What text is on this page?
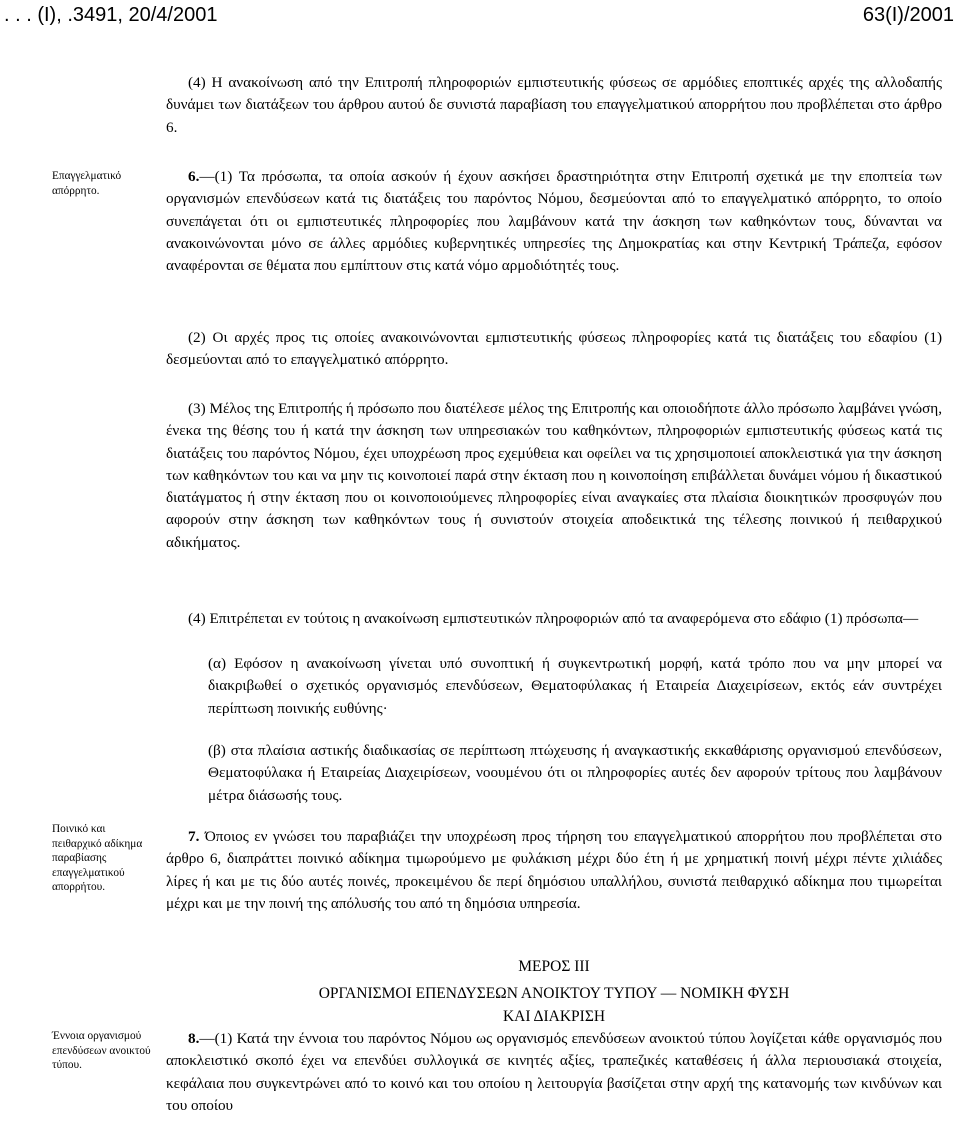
. . . (I), .3491, 20/4/2001	63(I)/2001

(4) Η ανακοίνωση από την Επιτροπή πληροφοριών εμπιστευτικής φύσεως σε αρμόδιες εποπτικές αρχές της αλλοδαπής δυνάμει των διατάξεων του άρθρου αυτού δε συνιστά παραβίαση του επαγγελματικού απορρήτου που προβλέπεται στο άρθρο 6.

Επαγγελματικό απόρρητο.

6.—(1) Τα πρόσωπα, τα οποία ασκούν ή έχουν ασκήσει δραστηριότητα στην Επιτροπή σχετικά με την εποπτεία των οργανισμών επενδύσεων κατά τις διατάξεις του παρόντος Νόμου, δεσμεύονται από το επαγγελματικό απόρρητο, το οποίο συνεπάγεται ότι οι εμπιστευτικές πληροφορίες που λαμβάνουν κατά την άσκηση των καθηκόντων τους, δύνανται να ανακοινώνονται μόνο σε άλλες αρμόδιες κυβερνητικές υπηρεσίες της Δημοκρατίας και στην Κεντρική Τράπεζα, εφόσον αναφέρονται σε θέματα που εμπίπτουν στις κατά νόμο αρμοδιότητές τους.

(2) Οι αρχές προς τις οποίες ανακοινώνονται εμπιστευτικής φύσεως πληροφορίες κατά τις διατάξεις του εδαφίου (1) δεσμεύονται από το επαγγελματικό απόρρητο.

(3) Μέλος της Επιτροπής ή πρόσωπο που διατέλεσε μέλος της Επιτροπής και οποιοδήποτε άλλο πρόσωπο λαμβάνει γνώση, ένεκα της θέσης του ή κατά την άσκηση των υπηρεσιακών του καθηκόντων, πληροφοριών εμπιστευτικής φύσεως κατά τις διατάξεις του παρόντος Νόμου, έχει υποχρέωση προς εχεμύθεια και οφείλει να τις χρησιμοποιεί αποκλειστικά για την άσκηση των καθηκόντων του και να μην τις κοινοποιεί παρά στην έκταση που η κοινοποίηση επιβάλλεται δυνάμει νόμου ή δικαστικού διατάγματος ή στην έκταση που οι κοινοποιούμενες πληροφορίες είναι αναγκαίες στα πλαίσια διοικητικών προσφυγών που αφορούν στην άσκηση των καθηκόντων τους ή συνιστούν στοιχεία αποδεικτικά της τέλεσης ποινικού ή πειθαρχικού αδικήματος.

(4) Επιτρέπεται εν τούτοις η ανακοίνωση εμπιστευτικών πληροφοριών από τα αναφερόμενα στο εδάφιο (1) πρόσωπα—

(α) Εφόσον η ανακοίνωση γίνεται υπό συνοπτική ή συγκεντρωτική μορφή, κατά τρόπο που να μην μπορεί να διακριβωθεί ο σχετικός οργανισμός επενδύσεων, Θεματοφύλακας ή Εταιρεία Διαχειρίσεων, εκτός εάν συντρέχει περίπτωση ποινικής ευθύνης·

(β) στα πλαίσια αστικής διαδικασίας σε περίπτωση πτώχευσης ή αναγκαστικής εκκαθάρισης οργανισμού επενδύσεων, Θεματοφύλακα ή Εταιρείας Διαχειρίσεων, νοουμένου ότι οι πληροφορίες αυτές δεν αφορούν τρίτους που λαμβάνουν μέτρα διάσωσής τους.

Ποινικό και πειθαρχικό αδίκημα παραβίασης επαγγελματικού απορρήτου.

7. Όποιος εν γνώσει του παραβιάζει την υποχρέωση προς τήρηση του επαγγελματικού απορρήτου που προβλέπεται στο άρθρο 6, διαπράττει ποινικό αδίκημα τιμωρούμενο με φυλάκιση μέχρι δύο έτη ή με χρηματική ποινή μέχρι πέντε χιλιάδες λίρες ή και με τις δύο αυτές ποινές, προκειμένου δε περί δημόσιου υπαλλήλου, συνιστά πειθαρχικό αδίκημα που τιμωρείται μέχρι και με την ποινή της απόλυσής του από τη δημόσια υπηρεσία.

ΜΕΡΟΣ ΙΙΙ

ΟΡΓΑΝΙΣΜΟΙ ΕΠΕΝΔΥΣΕΩΝ ΑΝΟΙΚΤΟΥ ΤΥΠΟΥ — ΝΟΜΙΚΗ ΦΥΣΗ

ΚΑΙ ΔΙΑΚΡΙΣΗ

Έννοια οργανισμού επενδύσεων ανοικτού τύπου.

8.—(1) Κατά την έννοια του παρόντος Νόμου ως οργανισμός επενδύσεων ανοικτού τύπου λογίζεται κάθε οργανισμός που αποκλειστικό σκοπό έχει να επενδύει συλλογικά σε κινητές αξίες, τραπεζικές καταθέσεις ή άλλα περιουσιακά στοιχεία, κεφάλαια που συγκεντρώνει από το κοινό και του οποίου η λειτουργία βασίζεται στην αρχή της κατανομής των κινδύνων και του οποίου
